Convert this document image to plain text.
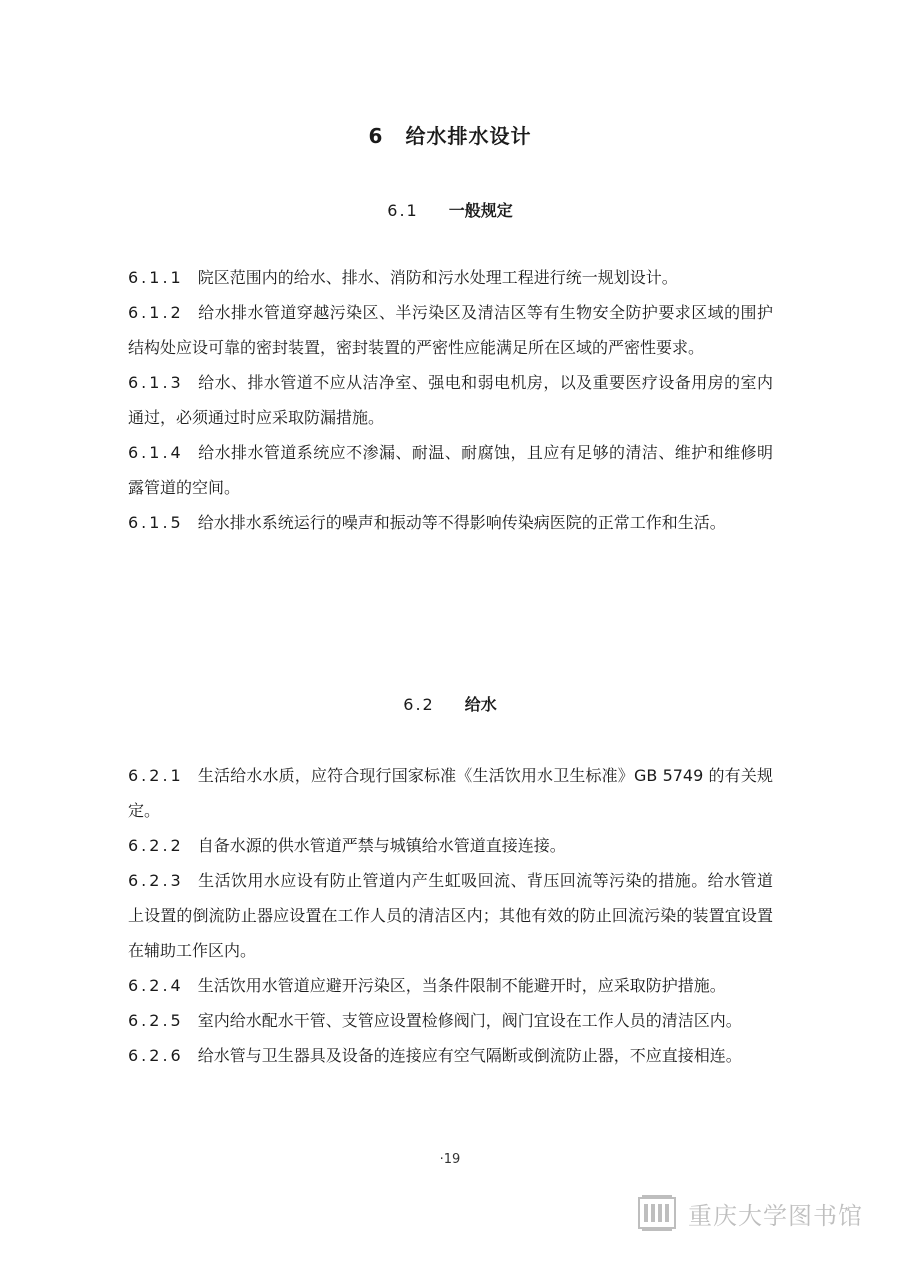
6 给水排水设计
6.1 一般规定

6.1.1 院区范围内的给水、排水、消防和污水处理工程进行统一规划设计。

6.1.2 给水排水管道穿越污染区、半污染区及清洁区等有生物安全防护要求区域的围护结构处应设可靠的密封装置，密封装置的严密性应能满足所在区域的严密性要求。

6.1.3 给水、排水管道不应从洁净室、强电和弱电机房，以及重要医疗设备用房的室内通过，必须通过时应采取防漏措施。

6.1.4 给水排水管道系统应不渗漏、耐温、耐腐蚀，且应有足够的清洁、维护和维修明露管道的空间。

6.1.5 给水排水系统运行的噪声和振动等不得影响传染病医院的正常工作和生活。

6.2 给水

6.2.1 生活给水水质，应符合现行国家标准《生活饮用水卫生标准》GB 5749 的有关规定。

6.2.2 自备水源的供水管道严禁与城镇给水管道直接连接。

6.2.3 生活饮用水应设有防止管道内产生虹吸回流、背压回流等污染的措施。给水管道上设置的倒流防止器应设置在工作人员的清洁区内；其他有效的防止回流污染的装置宜设置在辅助工作区内。

6.2.4 生活饮用水管道应避开污染区，当条件限制不能避开时，应采取防护措施。

6.2.5 室内给水配水干管、支管应设置检修阀门，阀门宜设在工作人员的清洁区内。

6.2.6 给水管与卫生器具及设备的连接应有空气隔断或倒流防止器，不应直接相连。

·19
重庆大学图书馆
